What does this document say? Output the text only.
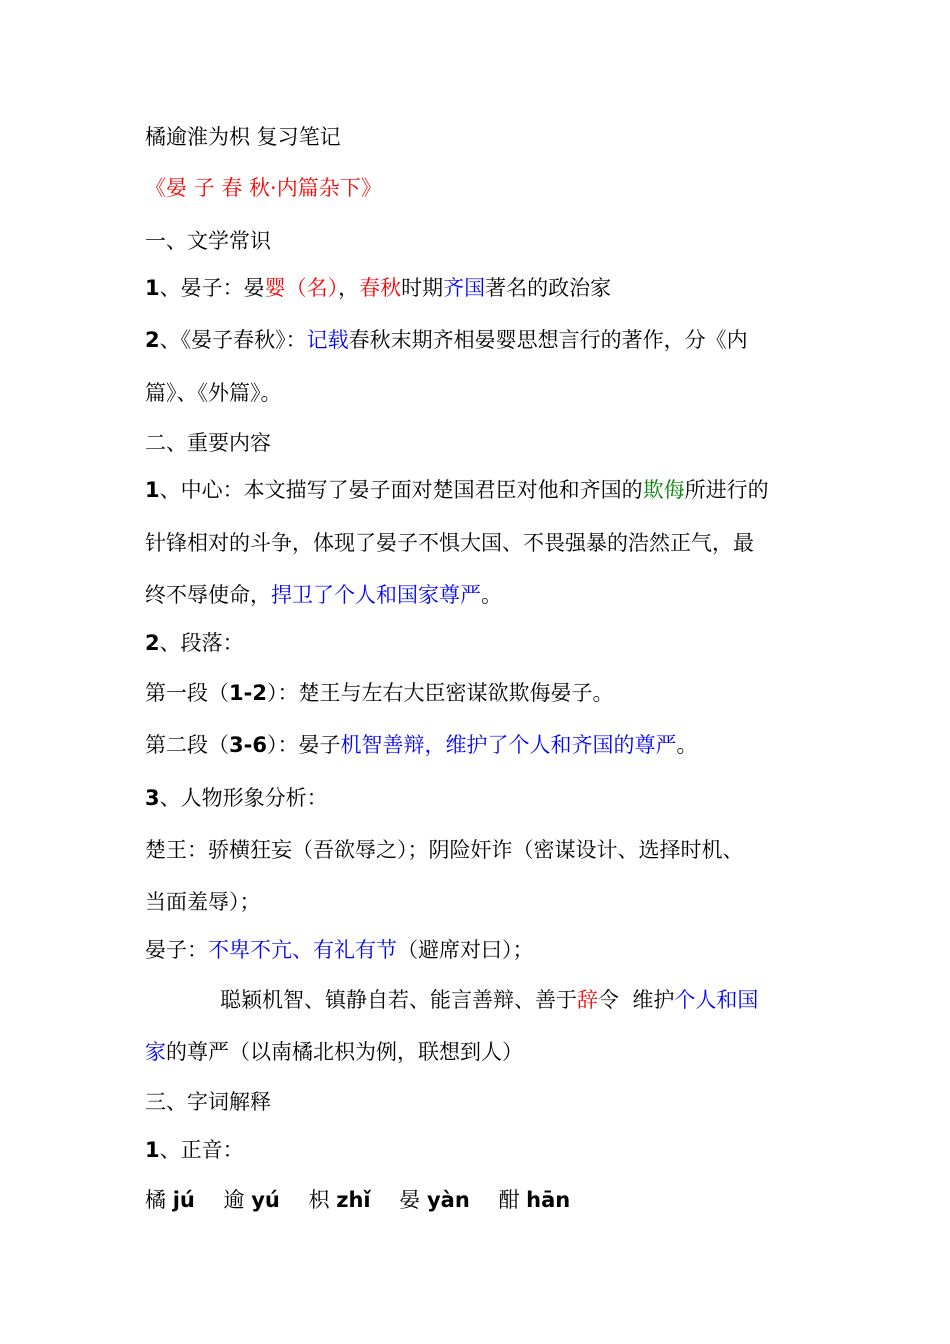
橘逾淮为枳 复习笔记
《晏 子 春 秋·内篇杂下》
一、文学常识
1、晏子：晏婴（名），春秋时期齐国著名的政治家
2、《晏子春秋》：记载春秋末期齐相晏婴思想言行的著作，分《内
篇》、《外篇》。
二、重要内容
1、中心：本文描写了晏子面对楚国君臣对他和齐国的欺侮所进行的
针锋相对的斗争，体现了晏子不惧大国、不畏强暴的浩然正气，最
终不辱使命，捍卫了个人和国家尊严。
2、段落：
第一段（1-2）：楚王与左右大臣密谋欲欺侮晏子。
第二段（3-6）：晏子机智善辩，维护了个人和齐国的尊严。
3、人物形象分析：
楚王：骄横狂妄（吾欲辱之）；阴险奸诈（密谋设计、选择时机、
当面羞辱）；
晏子：不卑不亢、有礼有节（避席对曰）；
聪颖机智、镇静自若、能言善辩、善于辞令  维护个人和国
家的尊严（以南橘北枳为例，联想到人）
三、字词解释
1、正音：
橘 jú 逾 yú 枳 zhǐ 晏 yàn 酣 hān
